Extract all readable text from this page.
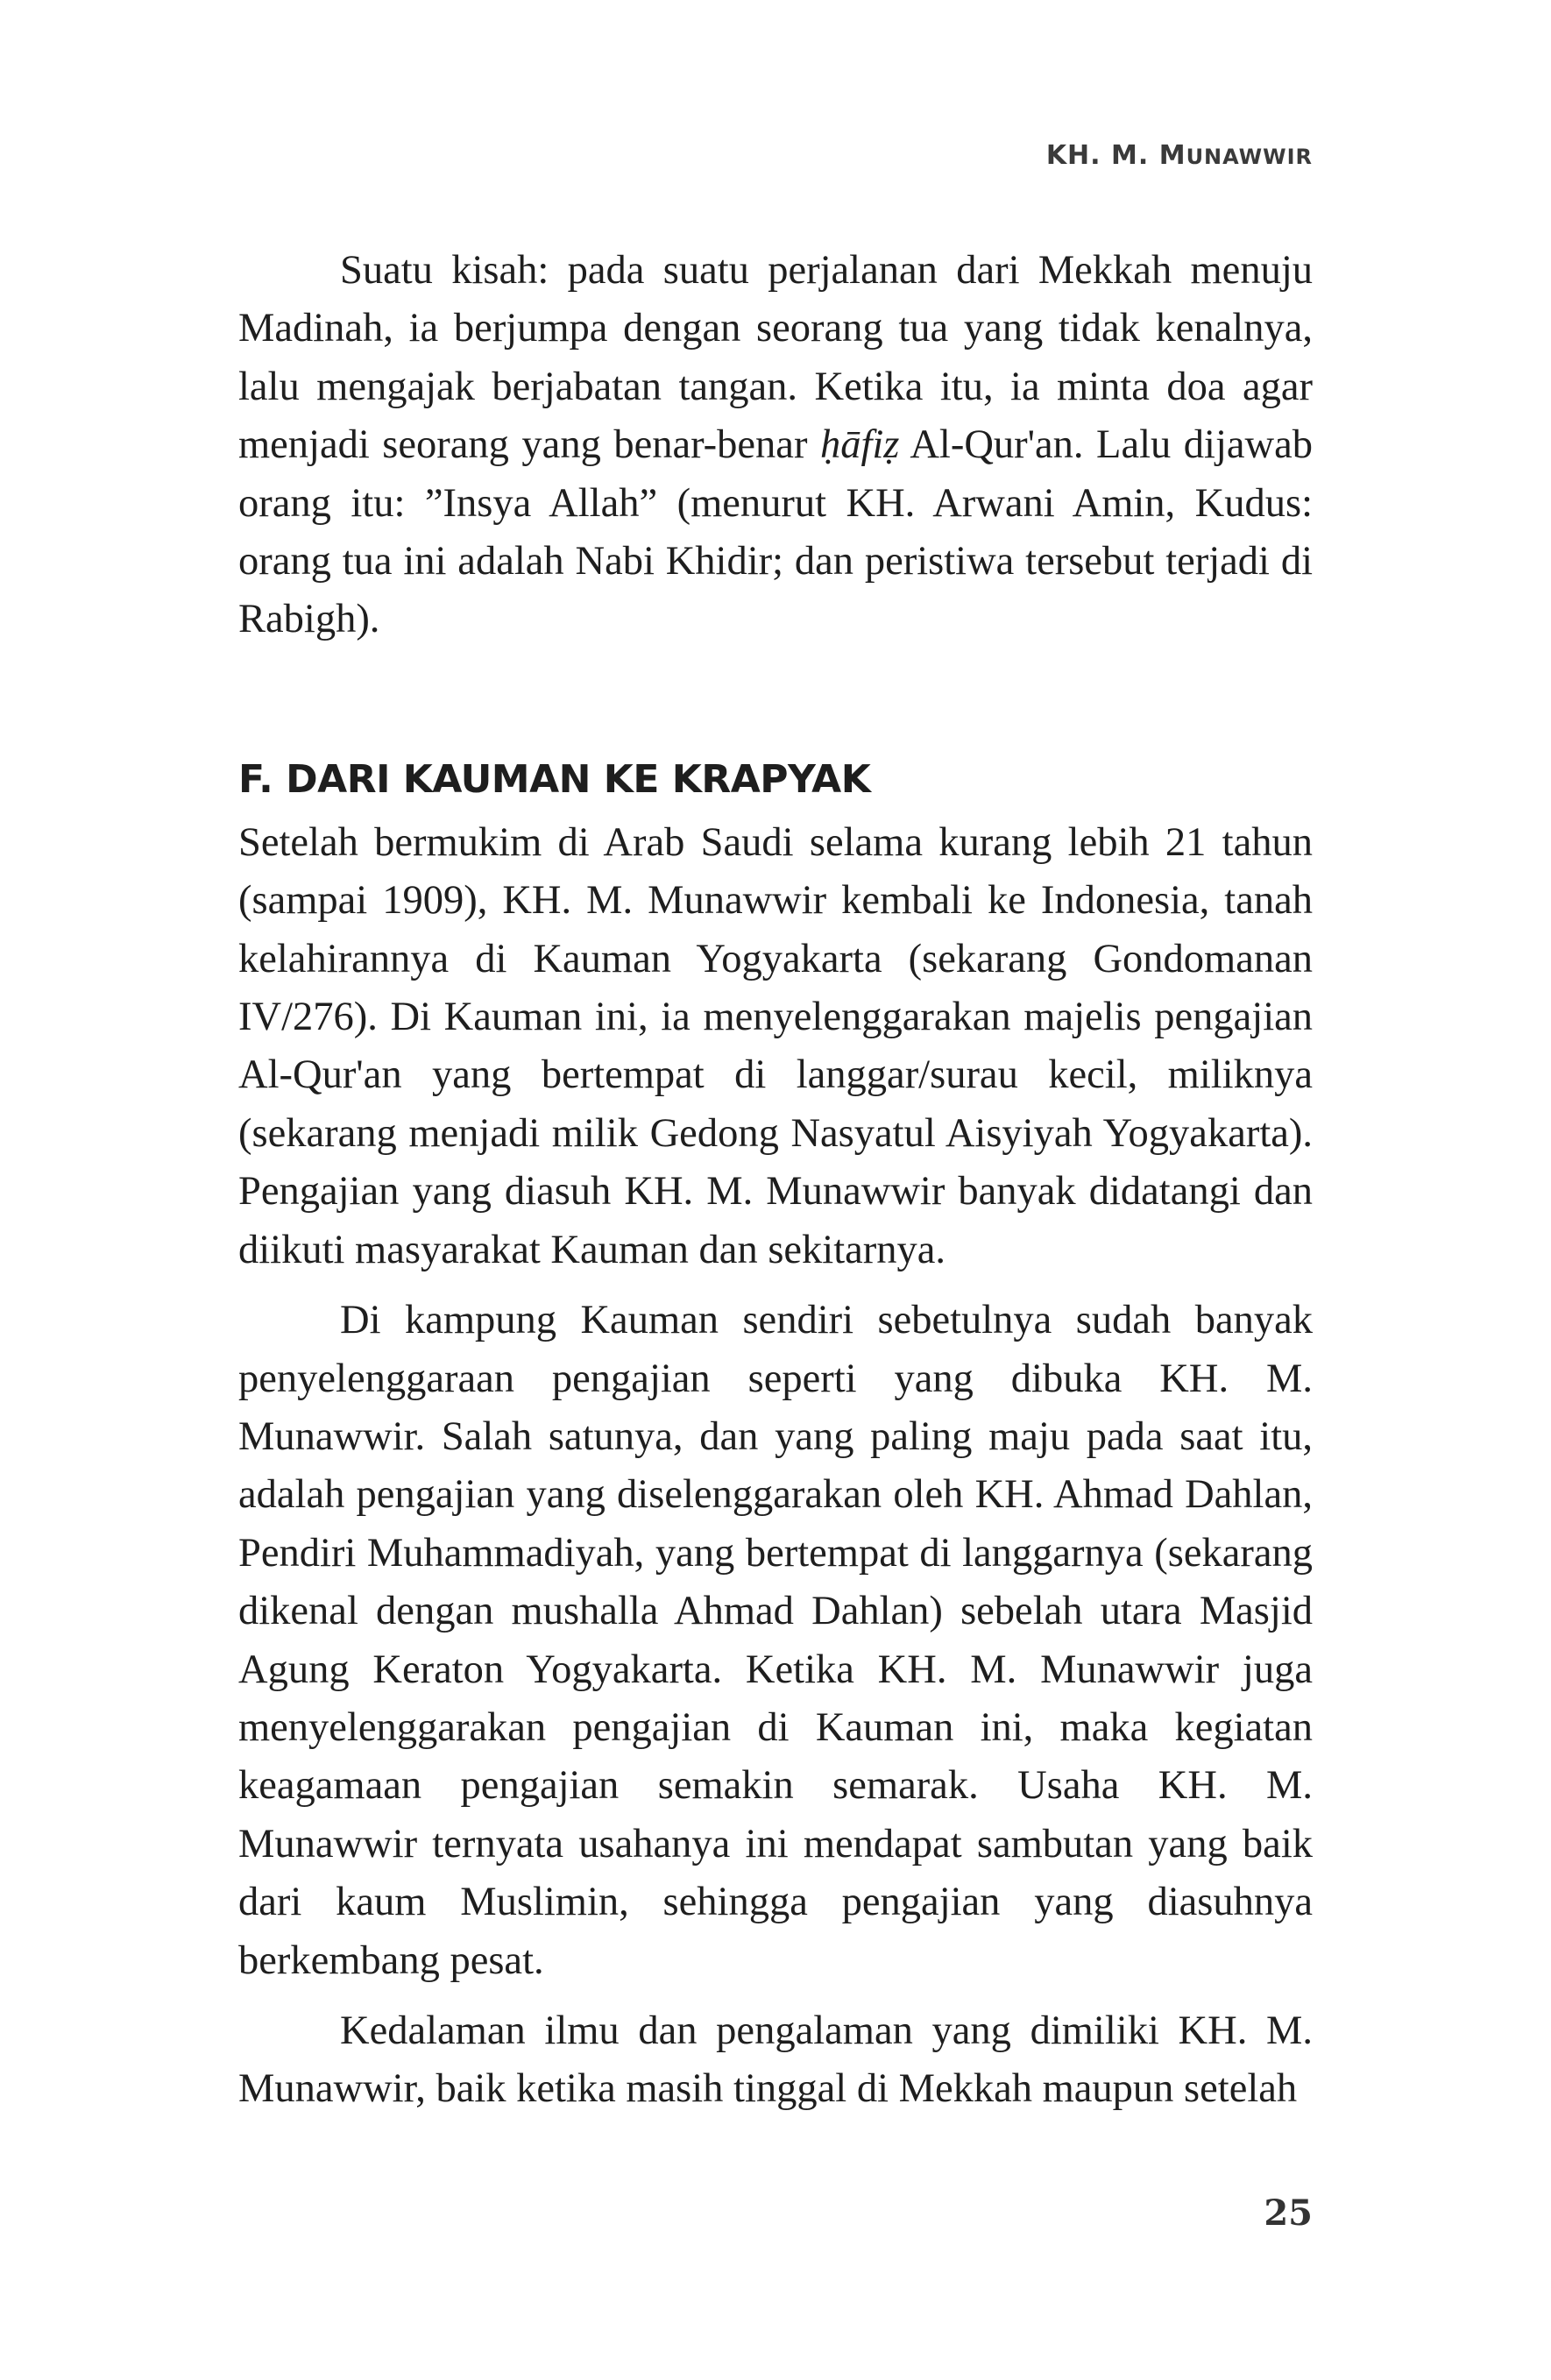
KH. M. MUNAWWIR

Suatu kisah: pada suatu perjalanan dari Mekkah menuju Madinah, ia berjumpa dengan seorang tua yang tidak kenalnya, lalu mengajak berjabatan tangan. Ketika itu, ia minta doa agar menjadi seorang yang benar-benar ḥāfiẓ Al-Qur'an. Lalu dijawab orang itu: ”Insya Allah” (menurut KH. Arwani Amin, Kudus: orang tua ini adalah Nabi Khidir; dan peristiwa tersebut terjadi di Rabigh).

F. DARI KAUMAN KE KRAPYAK

Setelah bermukim di Arab Saudi selama kurang lebih 21 tahun (sampai 1909), KH. M. Munawwir kembali ke Indonesia, tanah kelahirannya di Kauman Yogyakarta (sekarang Gondomanan IV/276). Di Kauman ini, ia menyelenggarakan majelis pengajian Al-Qur'an yang bertempat di langgar/surau kecil, miliknya (sekarang menjadi milik Gedong Nasyatul Aisyiyah Yogyakarta). Pengajian yang diasuh KH. M. Munawwir banyak didatangi dan diikuti masyarakat Kauman dan sekitarnya.

Di kampung Kauman sendiri sebetulnya sudah banyak penyelenggaraan pengajian seperti yang dibuka KH. M. Munawwir. Salah satunya, dan yang paling maju pada saat itu, adalah pengajian yang diselenggarakan oleh KH. Ahmad Dahlan, Pendiri Muhammadiyah, yang bertempat di langgarnya (sekarang dikenal dengan mushalla Ahmad Dahlan) sebelah utara Masjid Agung Keraton Yogyakarta. Ketika KH. M. Munawwir juga menyelenggarakan pengajian di Kauman ini, maka kegiatan keagamaan pengajian semakin semarak. Usaha KH. M. Munawwir ternyata usahanya ini mendapat sambutan yang baik dari kaum Muslimin, sehingga pengajian yang diasuhnya berkembang pesat.

Kedalaman ilmu dan pengalaman yang dimiliki KH. M. Munawwir, baik ketika masih tinggal di Mekkah maupun setelah

25
